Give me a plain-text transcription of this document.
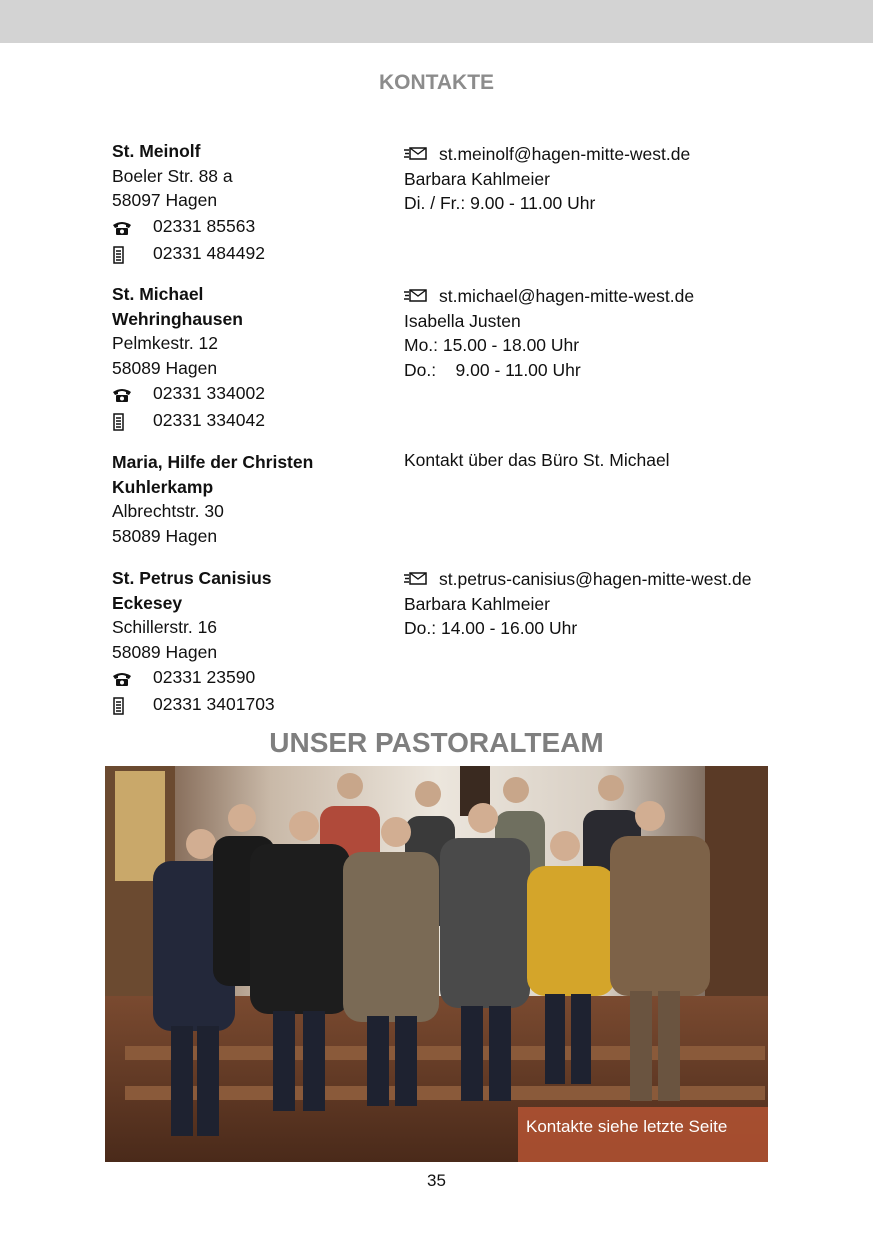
KONTAKTE
St. Meinolf
Boeler Str. 88 a
58097 Hagen
02331 85563
02331 484492
st.meinolf@hagen-mitte-west.de
Barbara Kahlmeier
Di. / Fr.: 9.00 - 11.00 Uhr
St. Michael
Wehringhausen
Pelmkestr. 12
58089 Hagen
02331 334002
02331 334042
st.michael@hagen-mitte-west.de
Isabella Justen
Mo.: 15.00 - 18.00 Uhr
Do.:    9.00 - 11.00 Uhr
Maria, Hilfe der Christen
Kuhlerkamp
Albrechtstr. 30
58089 Hagen
Kontakt über das Büro St. Michael
St. Petrus Canisius
Eckesey
Schillerstr. 16
58089 Hagen
02331 23590
02331 3401703
st.petrus-canisius@hagen-mitte-west.de
Barbara Kahlmeier
Do.: 14.00 - 16.00 Uhr
UNSER PASTORALTEAM
Kontakte siehe letzte Seite
35
